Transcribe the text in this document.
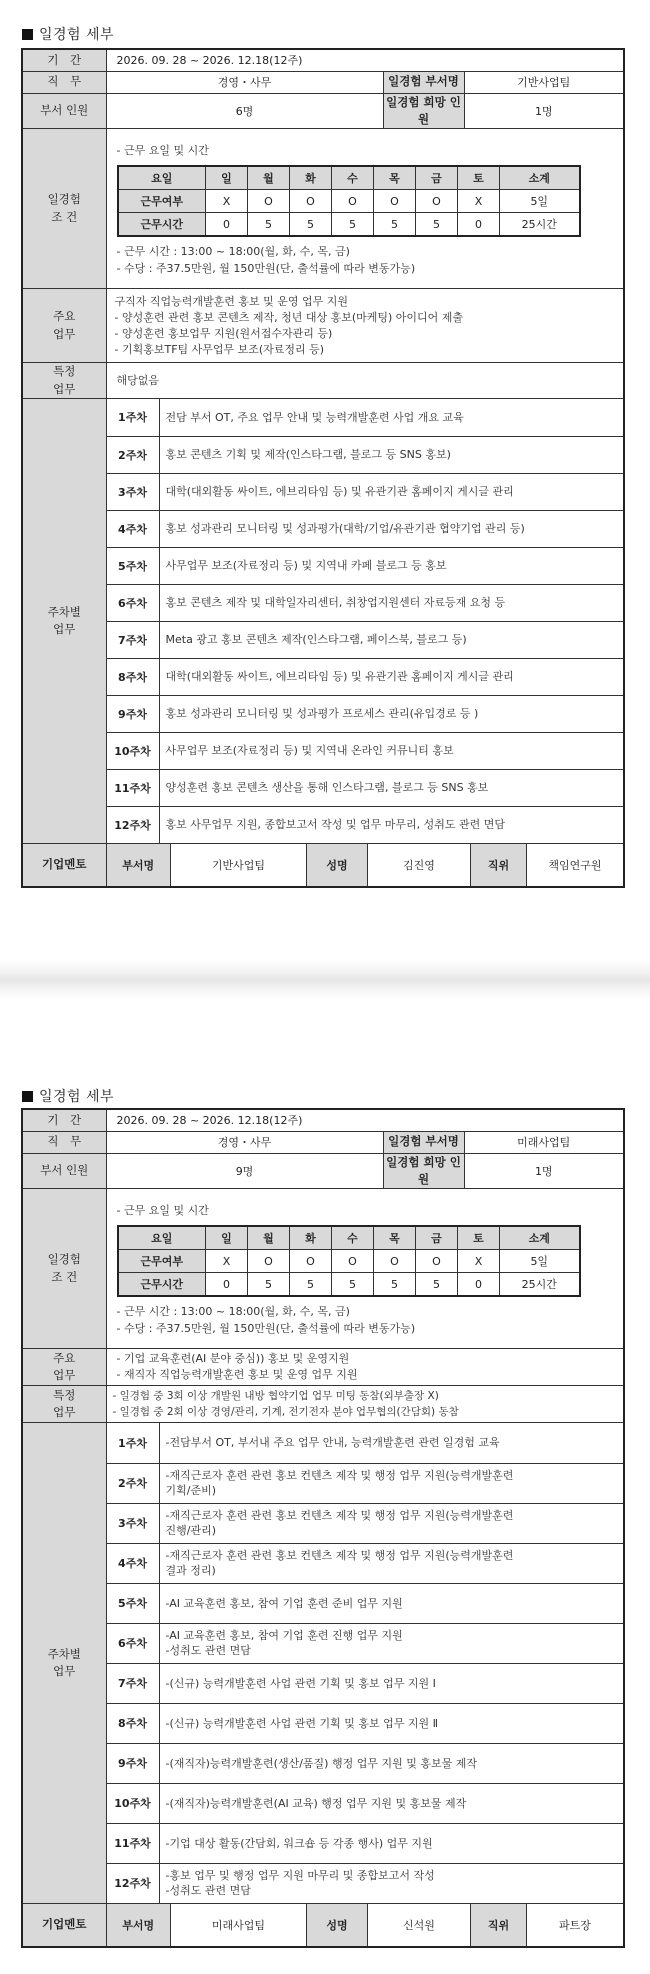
일경험 세부
기　간	2026. 09. 28 ~ 2026. 12.18(12주)
직　무	경영・사무	일경험 부서명	기반사업팀
부서 인원	6명	일경험 희망 인원	1명

일경험
조 건

- 근무 요일 및 시간
요일	일	월	화	수	목	금	토	소계
근무여부	X	O	O	O	O	O	X	5일
근무시간	0	5	5	5	5	5	0	25시간
- 근무 시간 : 13:00 ~ 18:00(월, 화, 수, 목, 금)
- 수당 : 주37.5만원, 월 150만원(단, 출석률에 따라 변동가능)

주요
업무

구직자 직업능력개발훈련 홍보 및 운영 업무 지원
- 양성훈련 관련 홍보 콘텐츠 제작, 청년 대상 홍보(마케팅) 아이디어 제출
- 양성훈련 홍보업무 지원(원서접수자관리 등)
- 기획홍보TF팀 사무업무 보조(자료정리 등)

특정
업무

해당없음

주차별
업무

1주차	전담 부서 OT, 주요 업무 안내 및 능력개발훈련 사업 개요 교육
2주차	홍보 콘텐츠 기획 및 제작(인스타그램, 블로그 등 SNS 홍보)
3주차	대학(대외활동 싸이트, 에브리타임 등) 및 유관기관 홈페이지 게시글 관리
4주차	홍보 성과관리 모니터링 및 성과평가(대학/기업/유관기관 협약기업 관리 등)
5주차	사무업무 보조(자료정리 등) 및 지역내 카페 블로그 등 홍보
6주차	홍보 콘텐츠 제작 및 대학일자리센터, 취창업지원센터 자료등재 요청 등
7주차	Meta 광고 홍보 콘텐츠 제작(인스타그램, 페이스북, 블로그 등)
8주차	대학(대외활동 싸이트, 에브리타임 등) 및 유관기관 홈페이지 게시글 관리
9주차	홍보 성과관리 모니터링 및 성과평가 프로세스 관리(유입경로 등 )
10주차	사무업무 보조(자료정리 등) 및 지역내 온라인 커뮤니티 홍보
11주차	양성훈련 홍보 콘텐츠 생산을 통해 인스타그램, 블로그 등 SNS 홍보
12주차	홍보 사무업무 지원, 종합보고서 작성 및 업무 마무리, 성취도 관련 면담

기업멘토		부서명	기반사업팀	성명	김진영	직위	책임연구원
일경험 세부
기　간	2026. 09. 28 ~ 2026. 12.18(12주)
직　무	경영・사무	일경험 부서명	미래사업팀
부서 인원	9명	일경험 희망 인원	1명

일경험
조 건

- 근무 요일 및 시간
요일	일	월	화	수	목	금	토	소계
근무여부	X	O	O	O	O	O	X	5일
근무시간	0	5	5	5	5	5	0	25시간
- 근무 시간 : 13:00 ~ 18:00(월, 화, 수, 목, 금)
- 수당 : 주37.5만원, 월 150만원(단, 출석률에 따라 변동가능)

주요
업무

- 기업 교육훈련(AI 분야 중심)) 홍보 및 운영지원
- 재직자 직업능력개발훈련 홍보 및 운영 업무 지원

특정
업무

- 일경험 중 3회 이상 개발원 내방 협약기업 업무 미팅 동참(외부출장 X)
- 일경험 중 2회 이상 경영/관리, 기계, 전기전자 분야 업무협의(간담회) 동참

주차별
업무

1주차	-전담부서 OT, 부서내 주요 업무 안내, 능력개발훈련 관련 일경험 교육

2주차	
-재직근로자 훈련 관련 홍보 컨텐츠 제작 및 행정 업무 지원(능력개발훈련
기획/준비)

3주차	
-재직근로자 훈련 관련 홍보 컨텐츠 제작 및 행정 업무 지원(능력개발훈련
진행/관리)

4주차	
-재직근로자 훈련 관련 홍보 컨텐츠 제작 및 행정 업무 지원(능력개발훈련
결과 정리)

5주차	-AI 교육훈련 홍보, 참여 기업 훈련 준비 업무 지원

6주차	
-AI 교육훈련 홍보, 참여 기업 훈련 진행 업무 지원
-성취도 관련 면담

7주차	-(신규) 능력개발훈련 사업 관련 기획 및 홍보 업무 지원 Ⅰ

8주차	-(신규) 능력개발훈련 사업 관련 기획 및 홍보 업무 지원 Ⅱ

9주차	-(재직자)능력개발훈련(생산/품질) 행정 업무 지원 및 홍보물 제작

10주차	-(재직자)능력개발훈련(AI 교육) 행정 업무 지원 및 홍보물 제작

11주차	-기업 대상 활동(간담회, 워크숍 등 각종 행사) 업무 지원

12주차	
-홍보 업무 및 행정 업무 지원 마무리 및 종합보고서 작성
-성취도 관련 면담

기업멘토		부서명	미래사업팀	성명	신석원	직위	파트장
